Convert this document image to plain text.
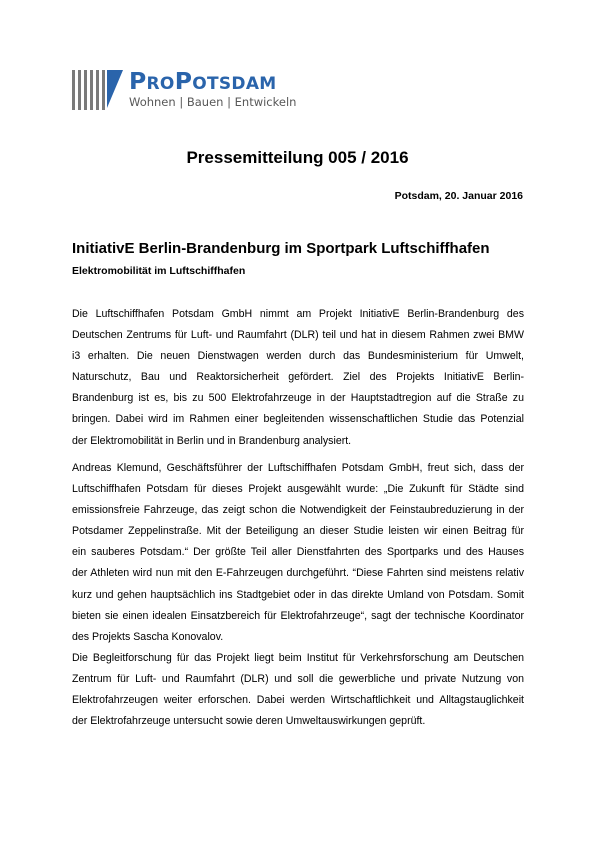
PROPOTSDAM
Wohnen | Bauen | Entwickeln
Pressemitteilung 005 / 2016
Potsdam, 20. Januar 2016
InitiativE Berlin-Brandenburg im Sportpark Luftschiffhafen
Elektromobilität im Luftschiffhafen
Die Luftschiffhafen Potsdam GmbH nimmt am Projekt InitiativE Berlin-Brandenburg des
Deutschen Zentrums für Luft- und Raumfahrt (DLR) teil und hat in diesem Rahmen zwei BMW
i3 erhalten. Die neuen Dienstwagen werden durch das Bundesministerium für Umwelt,
Naturschutz, Bau und Reaktorsicherheit gefördert. Ziel des Projekts InitiativE Berlin-
Brandenburg ist es, bis zu 500 Elektrofahrzeuge in der Hauptstadtregion auf die Straße zu
bringen. Dabei wird im Rahmen einer begleitenden wissenschaftlichen Studie das Potenzial
der Elektromobilität in Berlin und in Brandenburg analysiert.
Andreas Klemund, Geschäftsführer der Luftschiffhafen Potsdam GmbH, freut sich, dass der
Luftschiffhafen Potsdam für dieses Projekt ausgewählt wurde: „Die Zukunft für Städte sind
emissionsfreie Fahrzeuge, das zeigt schon die Notwendigkeit der Feinstaubreduzierung in der
Potsdamer Zeppelinstraße. Mit der Beteiligung an dieser Studie leisten wir einen Beitrag für
ein sauberes Potsdam.“ Der größte Teil aller Dienstfahrten des Sportparks und des Hauses
der Athleten wird nun mit den E-Fahrzeugen durchgeführt. “Diese Fahrten sind meistens relativ
kurz und gehen hauptsächlich ins Stadtgebiet oder in das direkte Umland von Potsdam. Somit
bieten sie einen idealen Einsatzbereich für Elektrofahrzeuge“, sagt der technische Koordinator
des Projekts Sascha Konovalov.
Die Begleitforschung für das Projekt liegt beim Institut für Verkehrsforschung am Deutschen
Zentrum für Luft- und Raumfahrt (DLR) und soll die gewerbliche und private Nutzung von
Elektrofahrzeugen weiter erforschen. Dabei werden Wirtschaftlichkeit und Alltagstauglichkeit
der Elektrofahrzeuge untersucht sowie deren Umweltauswirkungen geprüft.
